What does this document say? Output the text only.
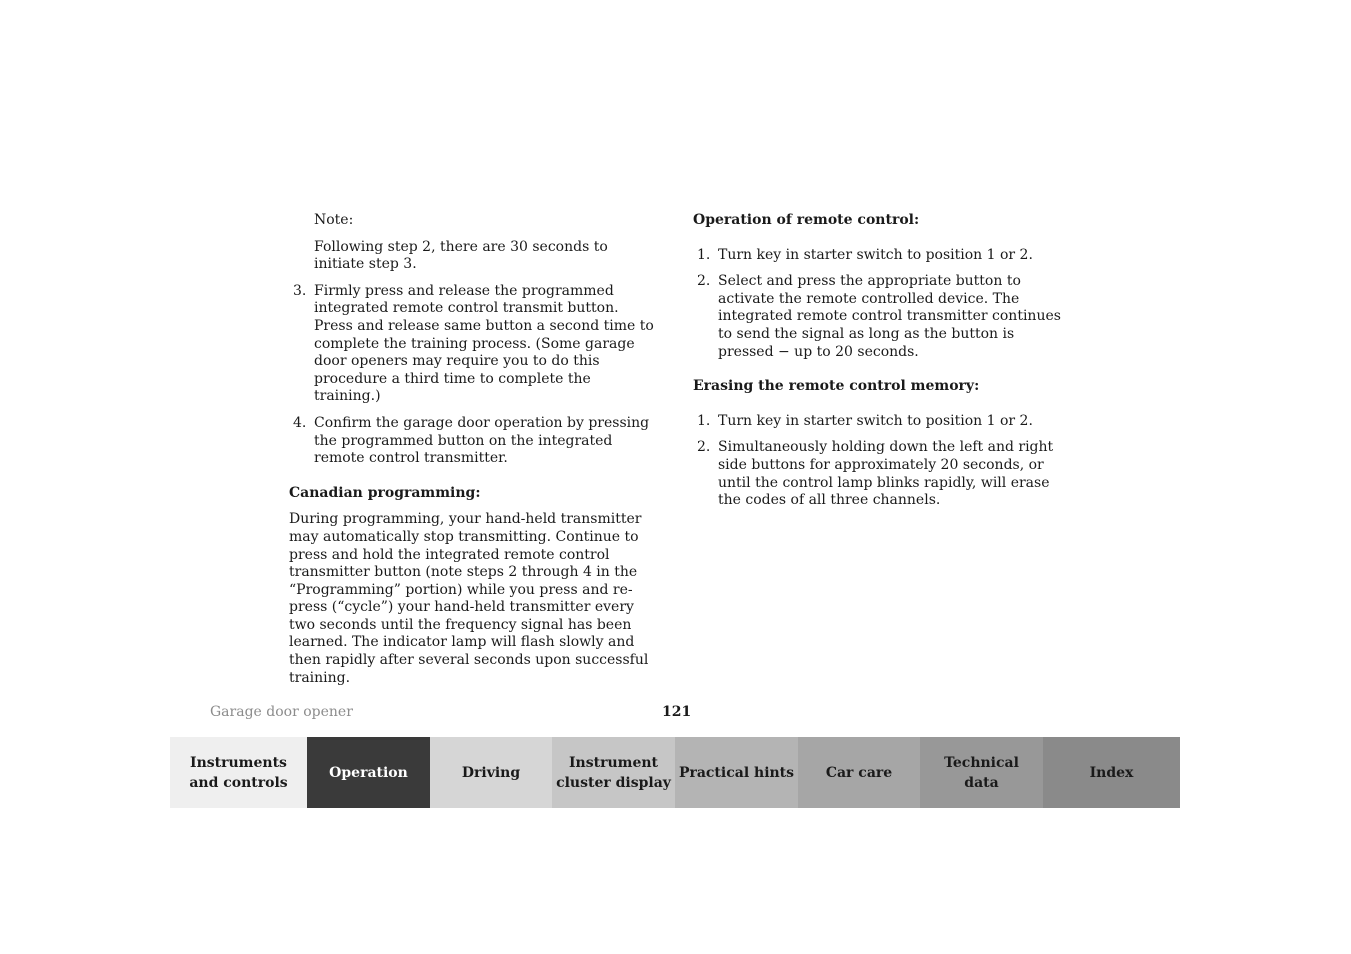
Note:

Following step 2, there are 30 seconds to initiate step 3.

3. Firmly press and release the programmed integrated remote control transmit button. Press and release same button a second time to complete the training process. (Some garage door openers may require you to do this procedure a third time to complete the training.)
4. Confirm the garage door operation by pressing the programmed button on the integrated remote control transmitter.

Canadian programming:

During programming, your hand-held transmitter may automatically stop transmitting. Continue to press and hold the integrated remote control transmitter button (note steps 2 through 4 in the “Programming” portion) while you press and re-press (“cycle”) your hand-held transmitter every two seconds until the frequency signal has been learned. The indicator lamp will flash slowly and then rapidly after several seconds upon successful training.

Operation of remote control:

1. Turn key in starter switch to position 1 or 2.
2. Select and press the appropriate button to activate the remote controlled device. The integrated remote control transmitter continues to send the signal as long as the button is pressed − up to 20 seconds.

Erasing the remote control memory:

1. Turn key in starter switch to position 1 or 2.
2. Simultaneously holding down the left and right side buttons for approximately 20 seconds, or until the control lamp blinks rapidly, will erase the codes of all three channels.
Garage door opener	121
Instruments
and controls
Operation	Driving
Instrument
cluster display
Practical hints	Car care
Technical
data
Index
